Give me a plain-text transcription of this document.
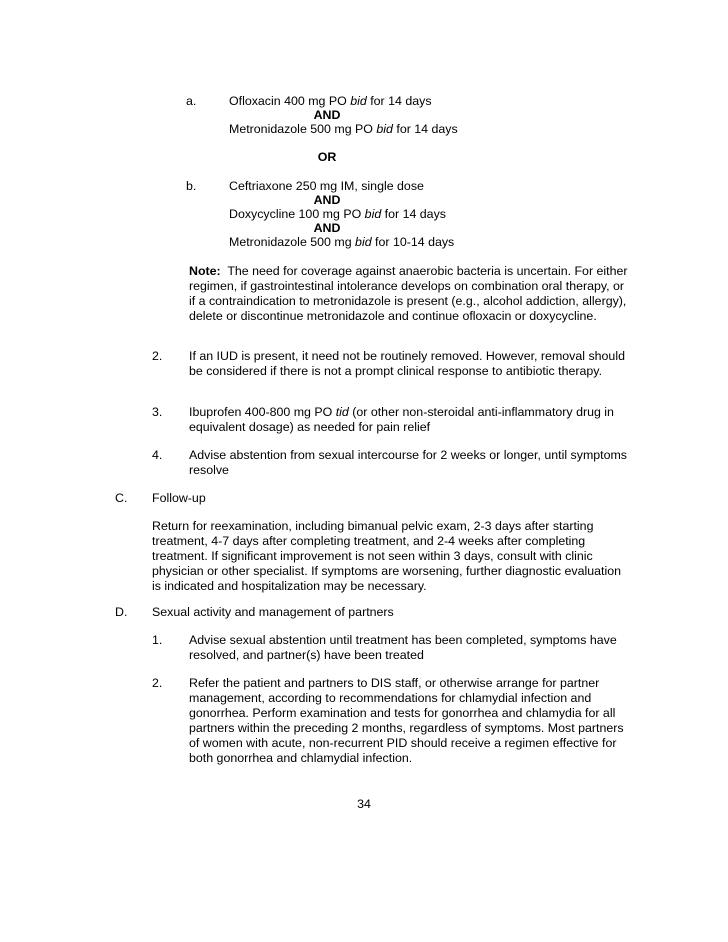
a.	Ofloxacin 400 mg PO bid for 14 days
AND
Metronidazole 500 mg PO bid for 14 days
OR
b.	Ceftriaxone 250 mg IM, single dose
AND
Doxycycline 100 mg PO bid for 14 days
AND
Metronidazole 500 mg bid for 10-14 days
Note: The need for coverage against anaerobic bacteria is uncertain. For either regimen, if gastrointestinal intolerance develops on combination oral therapy, or if a contraindication to metronidazole is present (e.g., alcohol addiction, allergy), delete or discontinue metronidazole and continue ofloxacin or doxycycline.
2. If an IUD is present, it need not be routinely removed. However, removal should be considered if there is not a prompt clinical response to antibiotic therapy.
3. Ibuprofen 400-800 mg PO tid (or other non-steroidal anti-inflammatory drug in equivalent dosage) as needed for pain relief
4. Advise abstention from sexual intercourse for 2 weeks or longer, until symptoms resolve
C. Follow-up
Return for reexamination, including bimanual pelvic exam, 2-3 days after starting treatment, 4-7 days after completing treatment, and 2-4 weeks after completing treatment. If significant improvement is not seen within 3 days, consult with clinic physician or other specialist. If symptoms are worsening, further diagnostic evaluation is indicated and hospitalization may be necessary.
D. Sexual activity and management of partners
1. Advise sexual abstention until treatment has been completed, symptoms have resolved, and partner(s) have been treated
2. Refer the patient and partners to DIS staff, or otherwise arrange for partner management, according to recommendations for chlamydial infection and gonorrhea. Perform examination and tests for gonorrhea and chlamydia for all partners within the preceding 2 months, regardless of symptoms. Most partners of women with acute, non-recurrent PID should receive a regimen effective for both gonorrhea and chlamydial infection.
34
